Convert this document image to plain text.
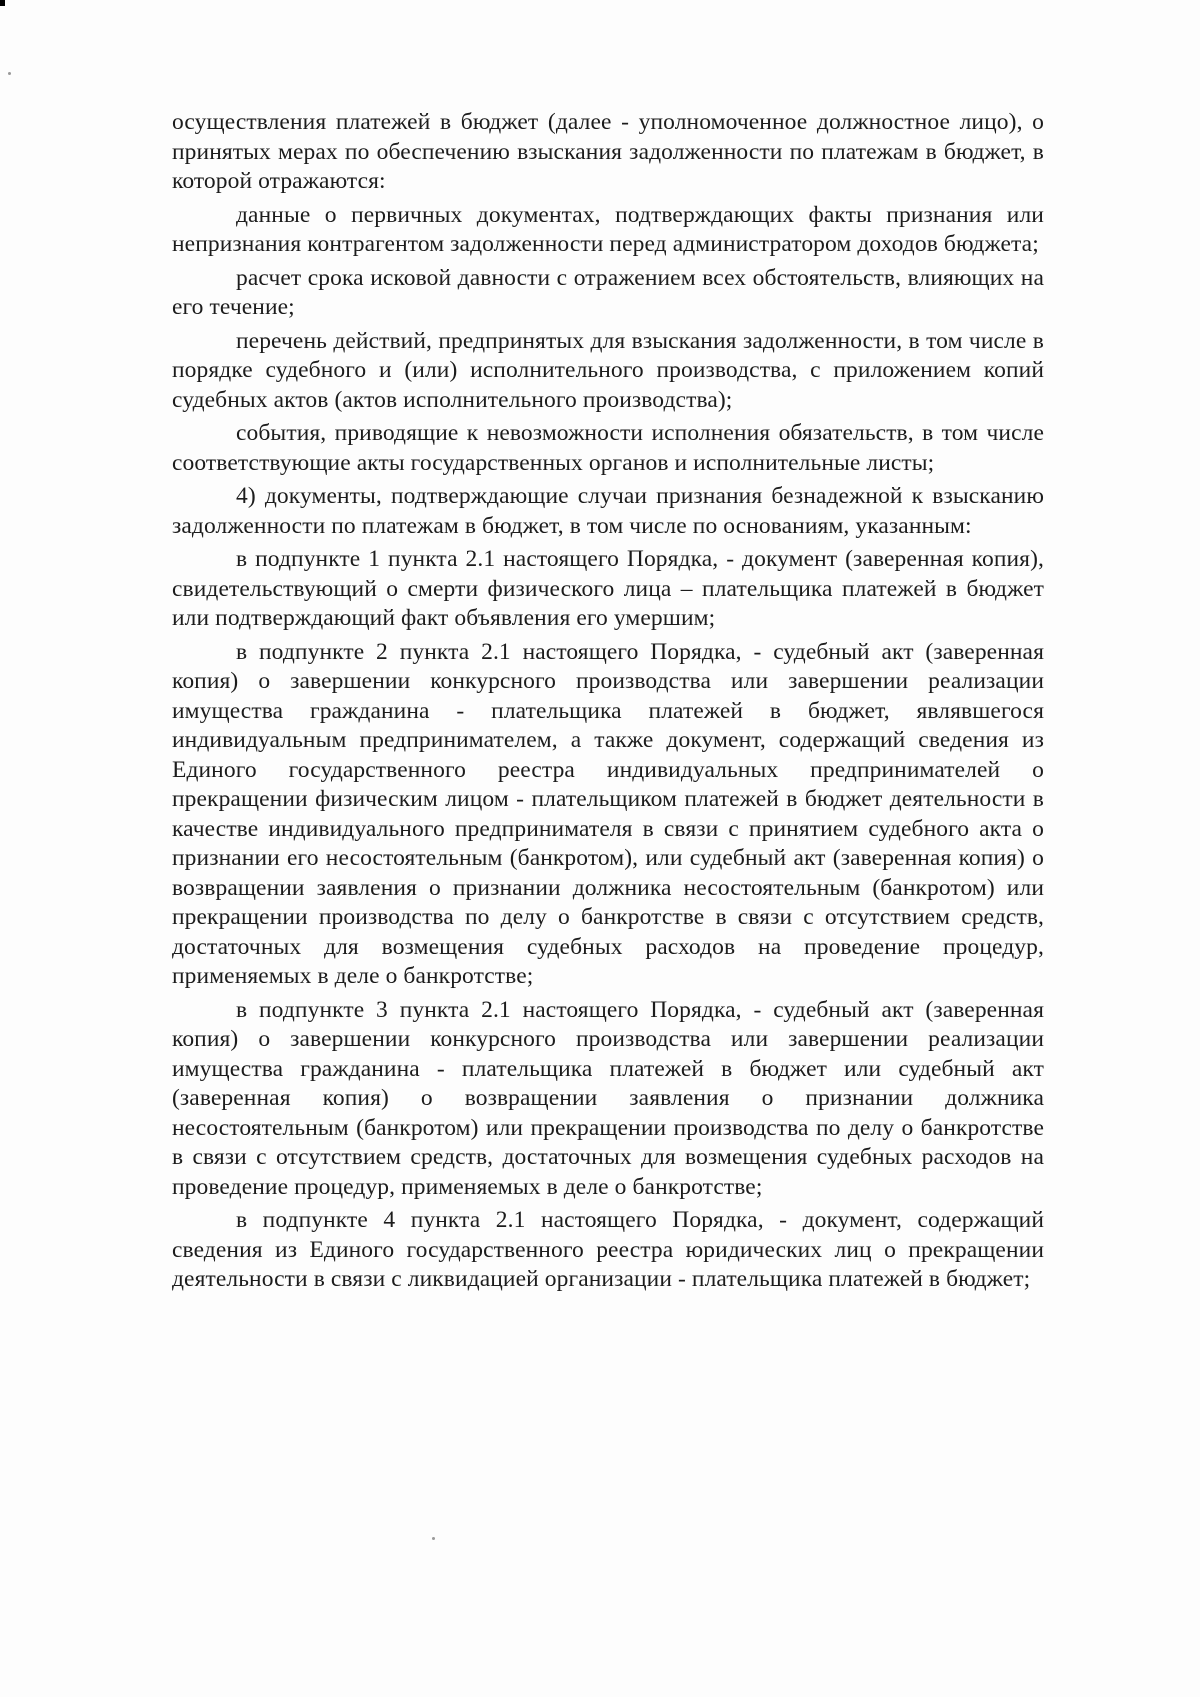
осуществления платежей в бюджет (далее - уполномоченное должностное лицо), о принятых мерах по обеспечению взыскания задолженности по платежам в бюджет, в которой отражаются:

данные о первичных документах, подтверждающих факты признания или непризнания контрагентом задолженности перед администратором доходов бюджета;

расчет срока исковой давности с отражением всех обстоятельств, влияющих на его течение;

перечень действий, предпринятых для взыскания задолженности, в том числе в порядке судебного и (или) исполнительного производства, с приложением копий судебных актов (актов исполнительного производства);

события, приводящие к невозможности исполнения обязательств, в том числе соответствующие акты государственных органов и исполнительные листы;

4) документы, подтверждающие случаи признания безнадежной к взысканию задолженности по платежам в бюджет, в том числе по основаниям, указанным:

в подпункте 1 пункта 2.1 настоящего Порядка, - документ (заверенная копия), свидетельствующий о смерти физического лица – плательщика платежей в бюджет или подтверждающий факт объявления его умершим;

в подпункте 2 пункта 2.1 настоящего Порядка, - судебный акт (заверенная копия) о завершении конкурсного производства или завершении реализации имущества гражданина - плательщика платежей в бюджет, являвшегося индивидуальным предпринимателем, а также документ, содержащий сведения из Единого государственного реестра индивидуальных предпринимателей о прекращении физическим лицом - плательщиком платежей в бюджет деятельности в качестве индивидуального предпринимателя в связи с принятием судебного акта о признании его несостоятельным (банкротом), или судебный акт (заверенная копия) о возвращении заявления о признании должника несостоятельным (банкротом) или прекращении производства по делу о банкротстве в связи с отсутствием средств, достаточных для возмещения судебных расходов на проведение процедур, применяемых в деле о банкротстве;

в подпункте 3 пункта 2.1 настоящего Порядка, - судебный акт (заверенная копия) о завершении конкурсного производства или завершении реализации имущества гражданина - плательщика платежей в бюджет или судебный акт (заверенная копия) о возвращении заявления о признании должника несостоятельным (банкротом) или прекращении производства по делу о банкротстве в связи с отсутствием средств, достаточных для возмещения судебных расходов на проведение процедур, применяемых в деле о банкротстве;

в подпункте 4 пункта 2.1 настоящего Порядка, - документ, содержащий сведения из Единого государственного реестра юридических лиц о прекращении деятельности в связи с ликвидацией организации - плательщика платежей в бюджет;
